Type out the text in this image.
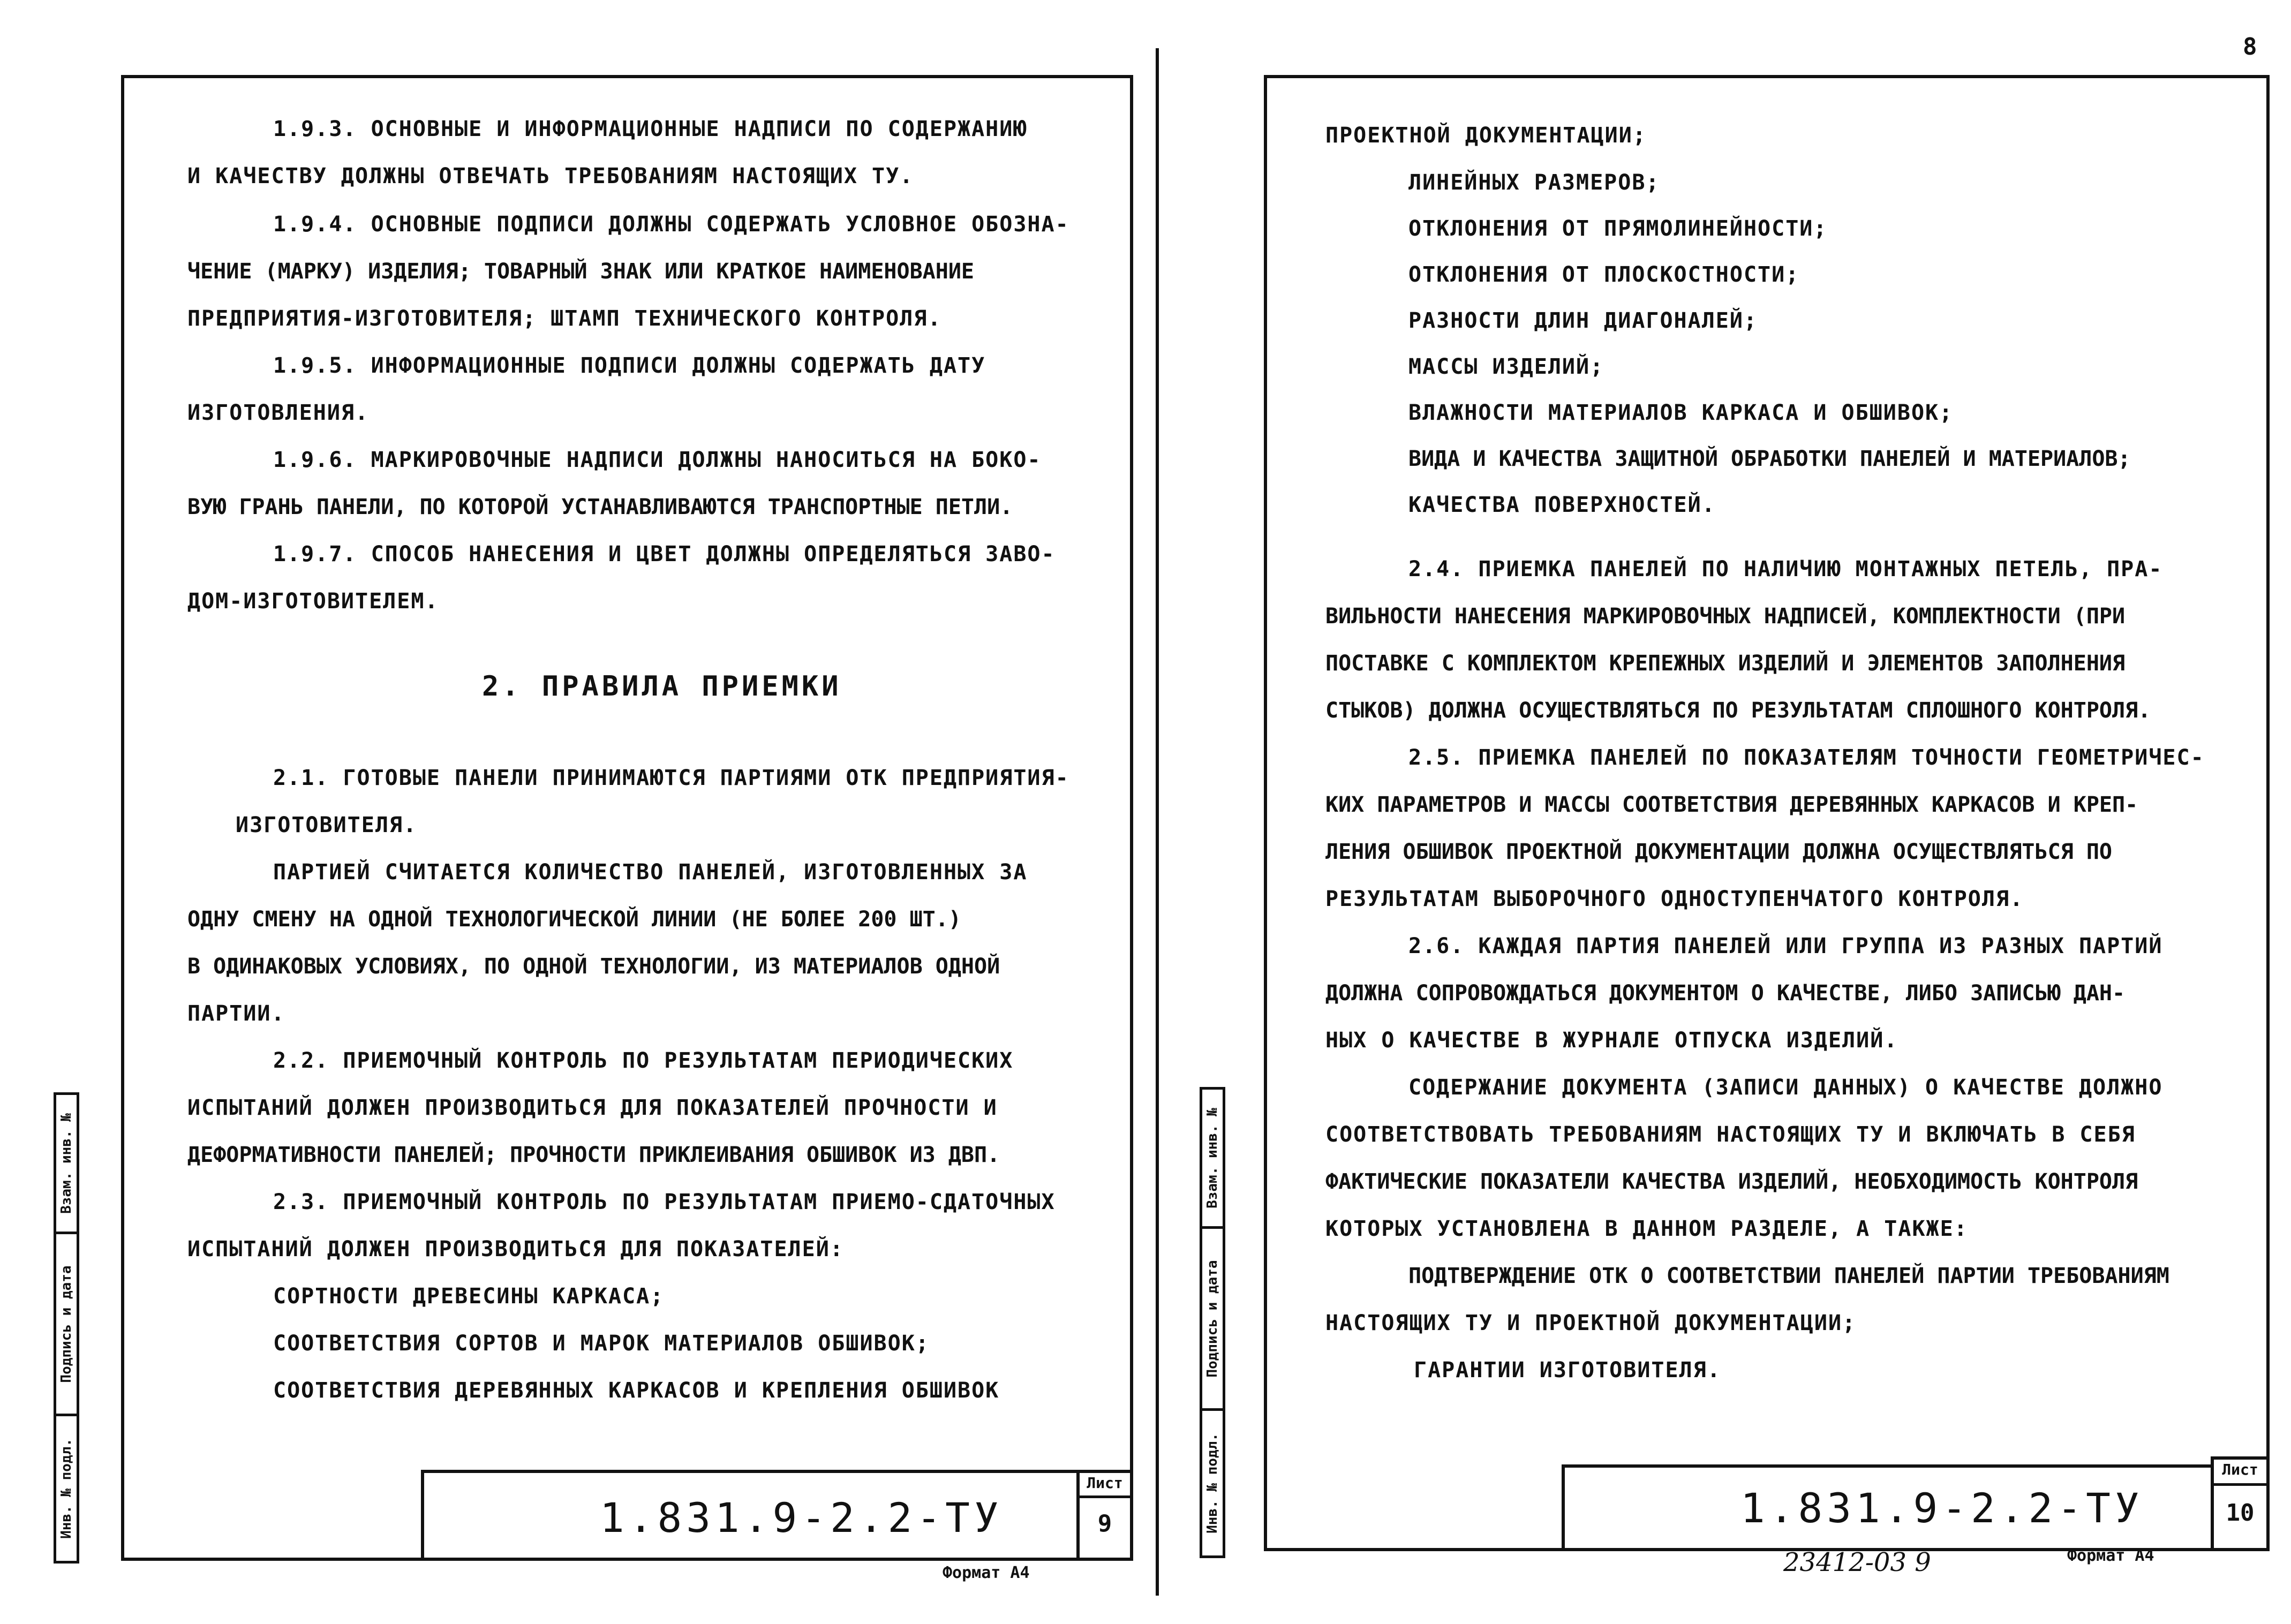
8
Инв. № подл.
Подпись и дата
Взам. инв. №
1.9.3. ОСНОВНЫЕ И ИНФОРМАЦИОННЫЕ НАДПИСИ ПО СОДЕРЖАНИЮ
И КАЧЕСТВУ ДОЛЖНЫ ОТВЕЧАТЬ ТРЕБОВАНИЯМ НАСТОЯЩИХ ТУ.
1.9.4. ОСНОВНЫЕ ПОДПИСИ ДОЛЖНЫ СОДЕРЖАТЬ УСЛОВНОЕ ОБОЗНА-
ЧЕНИЕ (МАРКУ) ИЗДЕЛИЯ; ТОВАРНЫЙ ЗНАК ИЛИ КРАТКОЕ НАИМЕНОВАНИЕ
ПРЕДПРИЯТИЯ-ИЗГОТОВИТЕЛЯ; ШТАМП ТЕХНИЧЕСКОГО КОНТРОЛЯ.
1.9.5. ИНФОРМАЦИОННЫЕ ПОДПИСИ ДОЛЖНЫ СОДЕРЖАТЬ ДАТУ
ИЗГОТОВЛЕНИЯ.
1.9.6. МАРКИРОВОЧНЫЕ НАДПИСИ ДОЛЖНЫ НАНОСИТЬСЯ НА БОКО-
ВУЮ ГРАНЬ ПАНЕЛИ, ПО КОТОРОЙ УСТАНАВЛИВАЮТСЯ ТРАНСПОРТНЫЕ ПЕТЛИ.
1.9.7. СПОСОБ НАНЕСЕНИЯ И ЦВЕТ ДОЛЖНЫ ОПРЕДЕЛЯТЬСЯ ЗАВО-
ДОМ-ИЗГОТОВИТЕЛЕМ.
2. ПРАВИЛА ПРИЕМКИ
2.1. ГОТОВЫЕ ПАНЕЛИ ПРИНИМАЮТСЯ ПАРТИЯМИ ОТК ПРЕДПРИЯТИЯ-
ИЗГОТОВИТЕЛЯ.
ПАРТИЕЙ СЧИТАЕТСЯ КОЛИЧЕСТВО ПАНЕЛЕЙ, ИЗГОТОВЛЕННЫХ ЗА
ОДНУ СМЕНУ НА ОДНОЙ ТЕХНОЛОГИЧЕСКОЙ ЛИНИИ (НЕ БОЛЕЕ 200 ШТ.)
В ОДИНАКОВЫХ УСЛОВИЯХ, ПО ОДНОЙ ТЕХНОЛОГИИ, ИЗ МАТЕРИАЛОВ ОДНОЙ
ПАРТИИ.
2.2. ПРИЕМОЧНЫЙ КОНТРОЛЬ ПО РЕЗУЛЬТАТАМ ПЕРИОДИЧЕСКИХ
ИСПЫТАНИЙ ДОЛЖЕН ПРОИЗВОДИТЬСЯ ДЛЯ ПОКАЗАТЕЛЕЙ ПРОЧНОСТИ И
ДЕФОРМАТИВНОСТИ ПАНЕЛЕЙ; ПРОЧНОСТИ ПРИКЛЕИВАНИЯ ОБШИВОК ИЗ ДВП.
2.3. ПРИЕМОЧНЫЙ КОНТРОЛЬ ПО РЕЗУЛЬТАТАМ ПРИЕМО-СДАТОЧНЫХ
ИСПЫТАНИЙ ДОЛЖЕН ПРОИЗВОДИТЬСЯ ДЛЯ ПОКАЗАТЕЛЕЙ:
СОРТНОСТИ ДРЕВЕСИНЫ КАРКАСА;
СООТВЕТСТВИЯ СОРТОВ И МАРОК МАТЕРИАЛОВ ОБШИВОК;
СООТВЕТСТВИЯ ДЕРЕВЯННЫХ КАРКАСОВ И КРЕПЛЕНИЯ ОБШИВОК
1.831.9-2.2-ТУ
Лист
9
Формат А4
Инв. № подл.
Подпись и дата
Взам. инв. №
ПРОЕКТНОЙ ДОКУМЕНТАЦИИ;
ЛИНЕЙНЫХ РАЗМЕРОВ;
ОТКЛОНЕНИЯ ОТ ПРЯМОЛИНЕЙНОСТИ;
ОТКЛОНЕНИЯ ОТ ПЛОСКОСТНОСТИ;
РАЗНОСТИ ДЛИН ДИАГОНАЛЕЙ;
МАССЫ ИЗДЕЛИЙ;
ВЛАЖНОСТИ МАТЕРИАЛОВ КАРКАСА И ОБШИВОК;
ВИДА И КАЧЕСТВА ЗАЩИТНОЙ ОБРАБОТКИ ПАНЕЛЕЙ И МАТЕРИАЛОВ;
КАЧЕСТВА ПОВЕРХНОСТЕЙ.
2.4. ПРИЕМКА ПАНЕЛЕЙ ПО НАЛИЧИЮ МОНТАЖНЫХ ПЕТЕЛЬ, ПРА-
ВИЛЬНОСТИ НАНЕСЕНИЯ МАРКИРОВОЧНЫХ НАДПИСЕЙ, КОМПЛЕКТНОСТИ (ПРИ
ПОСТАВКЕ С КОМПЛЕКТОМ КРЕПЕЖНЫХ ИЗДЕЛИЙ И ЭЛЕМЕНТОВ ЗАПОЛНЕНИЯ
СТЫКОВ) ДОЛЖНА ОСУЩЕСТВЛЯТЬСЯ ПО РЕЗУЛЬТАТАМ СПЛОШНОГО КОНТРОЛЯ.
2.5. ПРИЕМКА ПАНЕЛЕЙ ПО ПОКАЗАТЕЛЯМ ТОЧНОСТИ ГЕОМЕТРИЧЕС-
КИХ ПАРАМЕТРОВ И МАССЫ СООТВЕТСТВИЯ ДЕРЕВЯННЫХ КАРКАСОВ И КРЕП-
ЛЕНИЯ ОБШИВОК ПРОЕКТНОЙ ДОКУМЕНТАЦИИ ДОЛЖНА ОСУЩЕСТВЛЯТЬСЯ ПО
РЕЗУЛЬТАТАМ ВЫБОРОЧНОГО ОДНОСТУПЕНЧАТОГО КОНТРОЛЯ.
2.6. КАЖДАЯ ПАРТИЯ ПАНЕЛЕЙ ИЛИ ГРУППА ИЗ РАЗНЫХ ПАРТИЙ
ДОЛЖНА СОПРОВОЖДАТЬСЯ ДОКУМЕНТОМ О КАЧЕСТВЕ, ЛИБО ЗАПИСЬЮ ДАН-
НЫХ О КАЧЕСТВЕ В ЖУРНАЛЕ ОТПУСКА ИЗДЕЛИЙ.
СОДЕРЖАНИЕ ДОКУМЕНТА (ЗАПИСИ ДАННЫХ) О КАЧЕСТВЕ ДОЛЖНО
СООТВЕТСТВОВАТЬ ТРЕБОВАНИЯМ НАСТОЯЩИХ ТУ И ВКЛЮЧАТЬ В СЕБЯ
ФАКТИЧЕСКИЕ ПОКАЗАТЕЛИ КАЧЕСТВА ИЗДЕЛИЙ, НЕОБХОДИМОСТЬ КОНТРОЛЯ
КОТОРЫХ УСТАНОВЛЕНА В ДАННОМ РАЗДЕЛЕ, А ТАКЖЕ:
ПОДТВЕРЖДЕНИЕ ОТК О СООТВЕТСТВИИ ПАНЕЛЕЙ ПАРТИИ ТРЕБОВАНИЯМ
НАСТОЯЩИХ ТУ И ПРОЕКТНОЙ ДОКУМЕНТАЦИИ;
ГАРАНТИИ ИЗГОТОВИТЕЛЯ.
1.831.9-2.2-ТУ
Лист
10
23412-03 9	Формат А4
